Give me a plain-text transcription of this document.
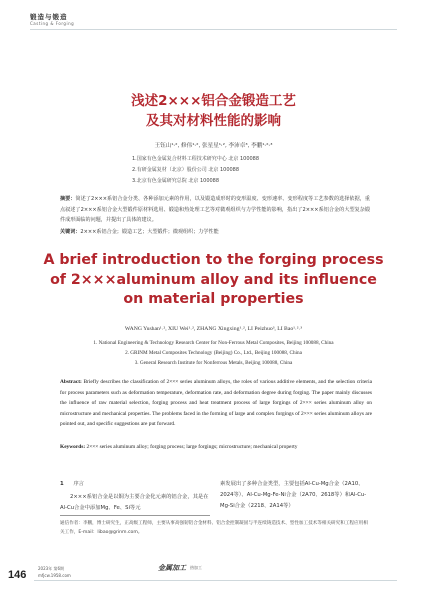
锻造与锻造
Casting & Forging
浅述2×××铝合金锻造工艺
及其对材料性能的影响
王钰山¹˒², 修伟¹˒², 张星星¹˒², 李沛卓³, 李鹏¹˒²˒³
1.国家有色金属复合材料工程技术研究中心 北京 100088
2.有研金属复材（北京）股份公司 北京 100088
3.北京有色金属研究总院 北京 100088
摘要：简述了2×××系铝合金分类、各种添加元素的作用，以及锻造成形时的变形温度、变形速率、变形程度等工艺参数的选择依据，重点叙述了2×××系铝合金大型锻件原材料选用、锻造和热处理工艺等对微观组织与力学性能的影响，指出了2×××系铝合金的大型复杂锻件成形面临的问题，并提出了具体的建议。
关键词：2×××系铝合金；锻造工艺；大型锻件；微观组织；力学性能
A brief introduction to the forging process
of 2×××aluminum alloy and its influence
on material properties
WANG Yushan¹˒², XIU Wei¹˒², ZHANG Xingxing¹˒², LI Peizhuo³, LI Bao¹˒²˒³
1. National Engineering & Technology Research Center for Non-Ferrous Metal Composites, Beijing 100088, China
2. GRINM Metal Composites Technology (Beijing) Co., Ltd., Beijing 100088, China
3. General Research Institute for Nonferrous Metals, Beijing 100088, China
Abstract: Briefly describes the classification of 2××× series aluminum alloys, the roles of various additive elements, and the selection criteria for process parameters such as deformation temperature, deformation rate, and deformation degree during forging. The paper mainly discusses the influence of raw material selection, forging process and heat treatment process of large forgings of 2××× series aluminum alloy on microstructure and mechanical properties. The problems faced in the forming of large and complex forgings of 2××× series aluminum alloys are pointed out, and specific suggestions are put forward.
Keywords: 2××× series aluminum alloy; forging process; large forgings; microstructure; mechanical property
1 序言
2×××系铝合金是以铜为主要合金化元素的铝合金，其是在Al-Cu合金中添加Mg、Fe、Si等元
素发展出了多种合金类型，主要包括Al-Cu-Mg合金（2A10、2024等）、Al-Cu-Mg-Fe-Ni合金（2A70、2618等）和Al-Cu-Mg-Si合金（2218、2A14等）
通信作者：李鹏，博士研究生，正高级工程师，主要从事高强韧铝合金材料、铝合金控制凝固与半连续铸造技术、型性加工技术等相关研究和工程应用相关工作，E-mail：libao@grinm.com。
146
2023年 第6期
mfjcw.1958.com
金属加工 热加工
